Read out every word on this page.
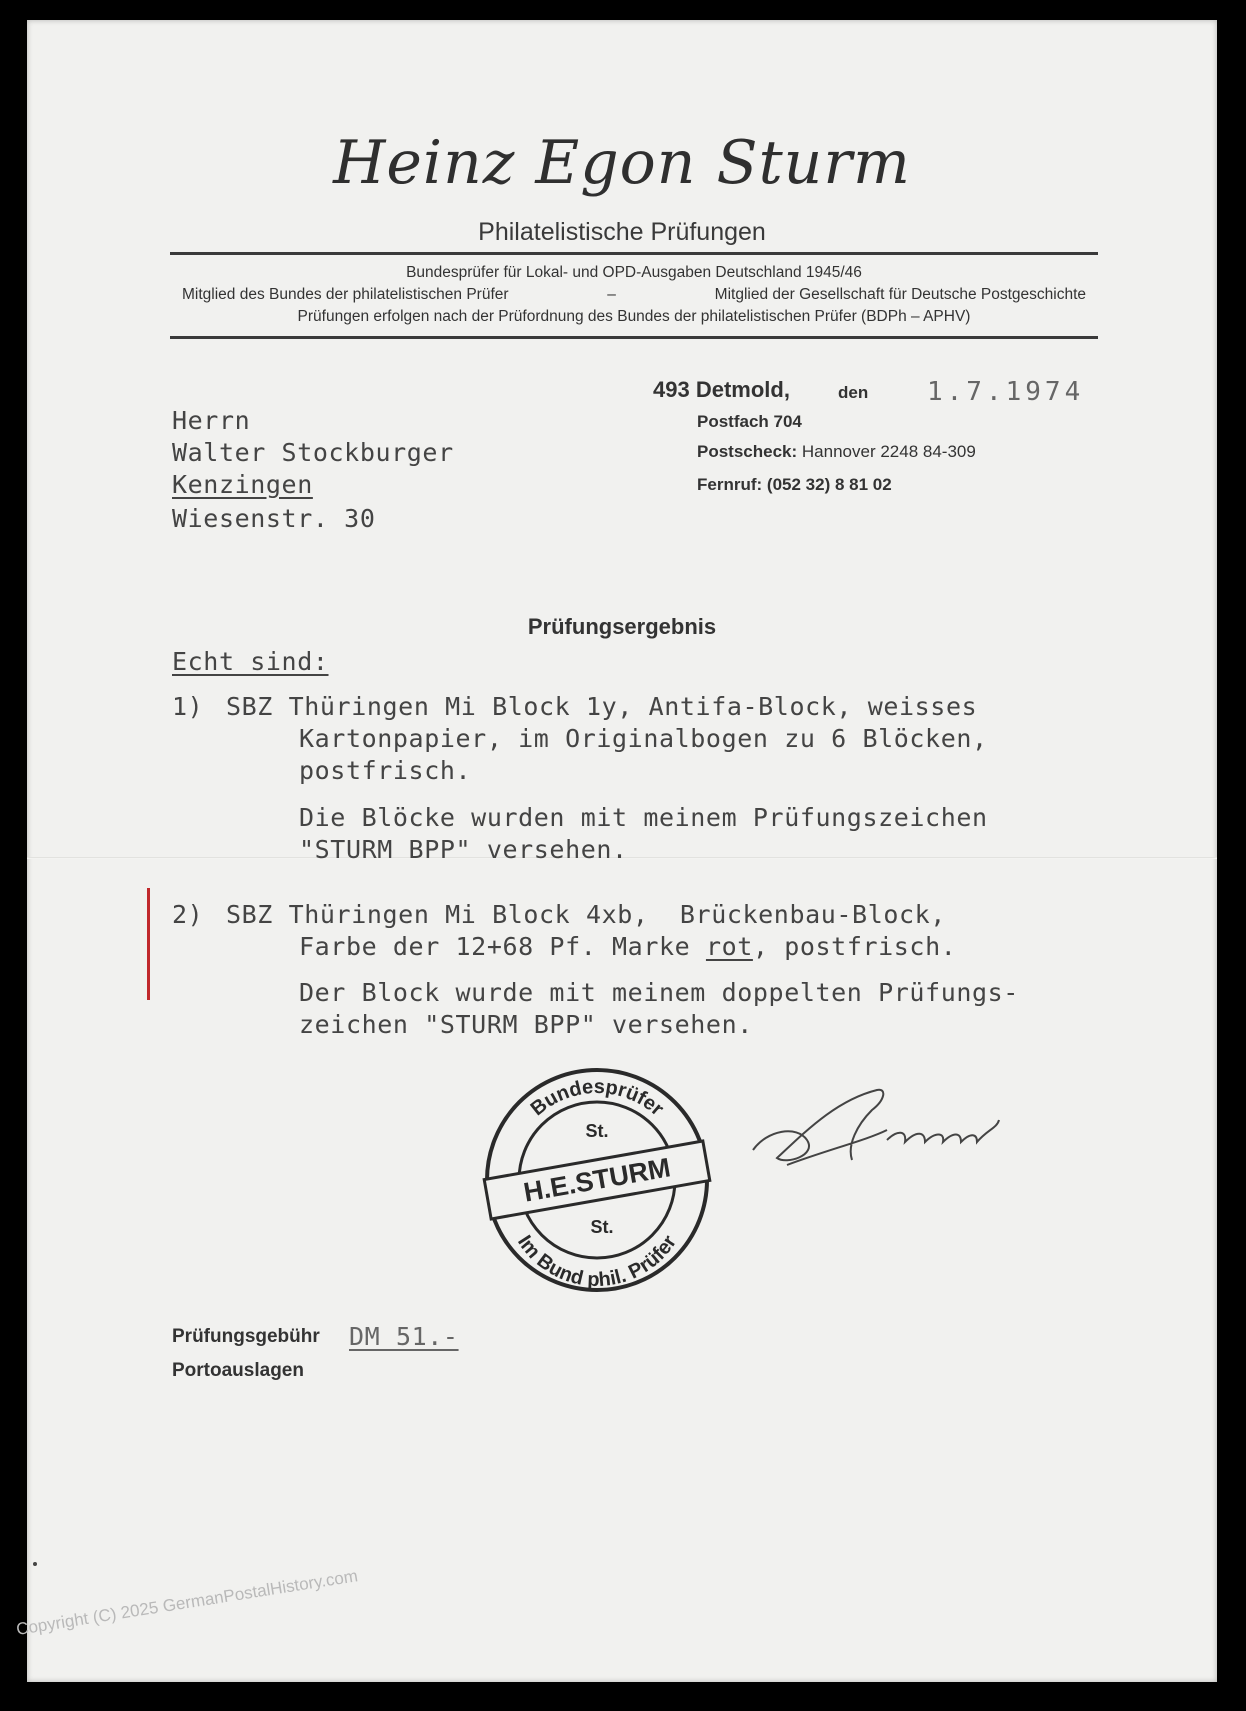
Heinz Egon Sturm
Philatelistische Prüfungen
Bundesprüfer für Lokal- und OPD-Ausgaben Deutschland 1945/46
Mitglied des Bundes der philatelistischen Prüfer	–	Mitglied der Gesellschaft für Deutsche Postgeschichte
Prüfungen erfolgen nach der Prüfordnung des Bundes der philatelistischen Prüfer (BDPh – APHV)
493 Detmold,	den 1.7.1974
Postfach 704
Postscheck: Hannover 2248 84-309
Fernruf: (052 32) 8 81 02
Herrn
Walter Stockburger
Kenzingen
Wiesenstr. 30
Prüfungsergebnis
Echt sind:
1) SBZ Thüringen Mi Block 1y, Antifa-Block, weisses
Kartonpapier, im Originalbogen zu 6 Blöcken,
postfrisch.
Die Blöcke wurden mit meinem Prüfungszeichen
"STURM BPP" versehen.
2) SBZ Thüringen Mi Block 4xb,  Brückenbau-Block,
Farbe der 12+68 Pf. Marke rot, postfrisch.
Der Block wurde mit meinem doppelten Prüfungs-
zeichen "STURM BPP" versehen.
Bundesprüfer
Im Bund phil. Prüfer
St.
H.E.STURM
St.
Prüfungsgebühr DM 51.-
Portoauslagen
Copyright (C) 2025 GermanPostalHistory.com
